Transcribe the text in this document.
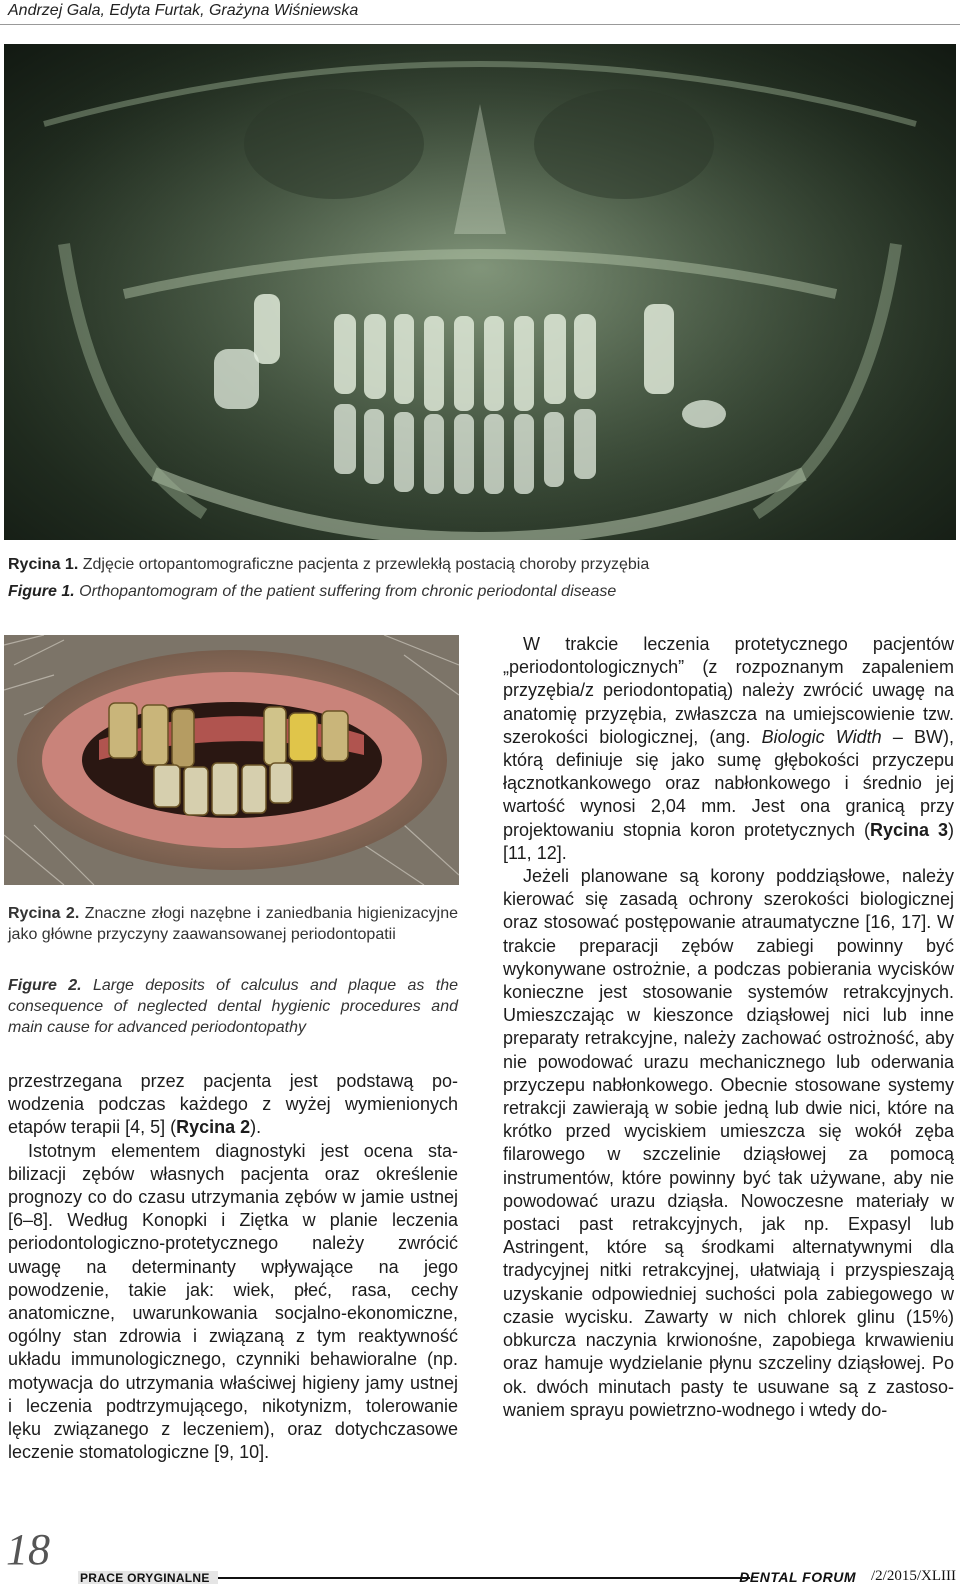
Andrzej Gala, Edyta Furtak, Grażyna Wiśniewska
Rycina 1. Zdjęcie ortopantomograficzne pacjenta z przewlekłą postacią choroby przyzębia
Figure 1. Orthopantomogram of the patient suffering from chronic periodontal disease
Rycina 2. Znaczne złogi nazębne i zaniedbania higienizacyjne jako główne przyczyny zaawansowanej periodontopatii
Figure 2. Large deposits of calculus and plaque as the consequence of neglected dental hygienic procedures and main cause for advanced periodontopathy

przestrzegana przez pacjenta jest podstawą powodzenia podczas każdego z wyżej wymienionych etapów terapii [4, 5] (Rycina 2).

Istotnym elementem diagnostyki jest ocena stabilizacji zębów własnych pacjenta oraz określenie prognozy co do czasu utrzymania zębów w jamie ustnej [6–8]. Według Konopki i Ziętka w planie leczenia periodontologiczno-protetycznego należy zwrócić uwagę na determinanty wpływające na jego powodzenie, takie jak: wiek, płeć, rasa, cechy anatomiczne, uwarunkowania socjalno-ekonomiczne, ogólny stan zdrowia i związaną z tym reaktywność układu immunologicznego, czynniki behawioralne (np. motywacja do utrzymania właściwej higieny jamy ustnej i leczenia podtrzymującego, nikotynizm, tolerowanie lęku związanego z leczeniem), oraz dotychczasowe leczenie stomatologiczne [9, 10].

W trakcie leczenia protetycznego pacjentów „periodontologicznych” (z rozpoznanym zapaleniem przyzębia/z periodontopatią) należy zwrócić uwagę na anatomię przyzębia, zwłaszcza na umiejscowienie tzw. szerokości biologicznej, (ang. Biologic Width – BW), którą definiuje się jako sumę głębokości przyczepu łącznotkankowego oraz nabłonkowego i średnio jej wartość wynosi 2,04 mm. Jest ona granicą przy projektowaniu stopnia koron protetycznych (Rycina 3) [11, 12].

Jeżeli planowane są korony poddziąsłowe, należy kierować się zasadą ochrony szerokości biologicznej oraz stosować postępowanie atraumatyczne [16, 17]. W trakcie preparacji zębów zabiegi powinny być wykonywane ostrożnie, a podczas pobierania wycisków konieczne jest stosowanie systemów retrakcyjnych. Umieszczając w kieszonce dziąsłowej nici lub inne preparaty retrakcyjne, należy zachować ostrożność, aby nie powodować urazu mechanicznego lub oderwania przyczepu nabłonkowego. Obecnie stosowane systemy retrakcji zawierają w sobie jedną lub dwie nici, które na krótko przed wyciskiem umieszcza się wokół zęba filarowego w szczelinie dziąsłowej za pomocą instrumentów, które powinny być tak używane, aby nie powodować urazu dziąsła. Nowoczesne materiały w postaci past retrakcyjnych, jak np. Expasyl lub Astringent, które są środkami alternatywnymi dla tradycyjnej nitki retrakcyjnej, ułatwiają i przyspieszają uzyskanie odpowiedniej suchości pola zabiegowego w czasie wycisku. Zawarty w nich chlorek glinu (15%) obkurcza naczynia krwionośne, zapobiega krwawieniu oraz hamuje wydzielanie płynu szczeliny dziąsłowej. Po ok. dwóch minutach pasty te usuwane są z zastosowaniem sprayu powietrzno-wodnego i wtedy do-

18
PRACE ORYGINALNE	DENTAL FORUM /2/2015/XLIII
